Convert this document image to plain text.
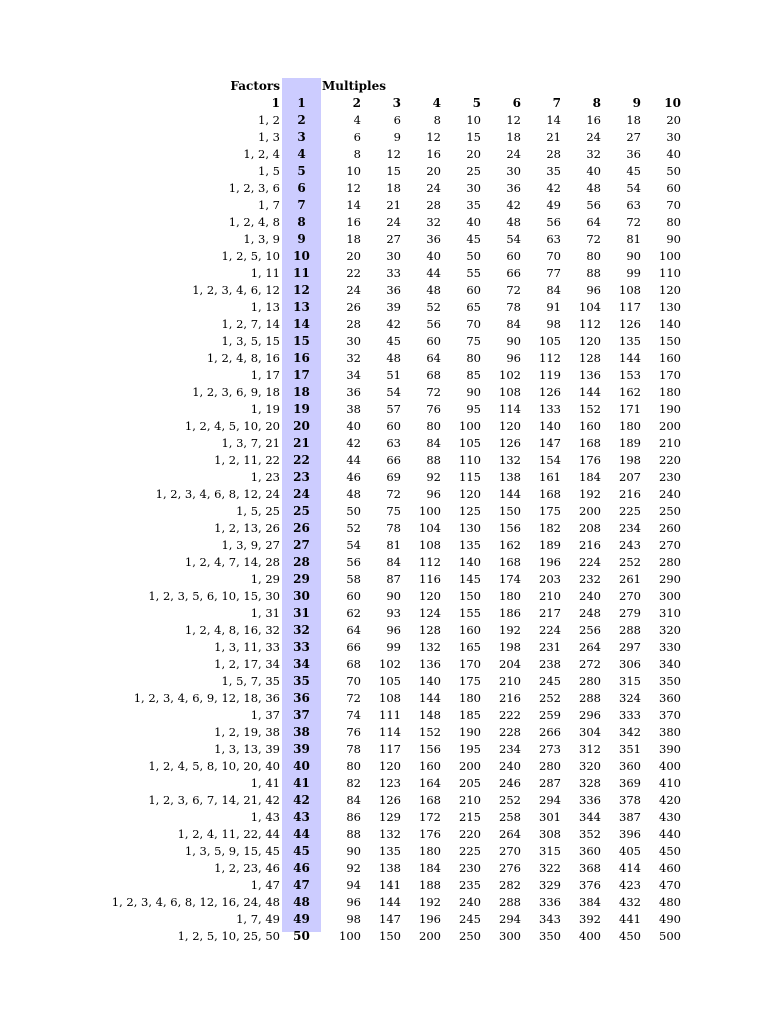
Factors		Multiples								
1	1	2	3	4	5	6	7	8	9	10
1, 2	2	4	6	8	10	12	14	16	18	20
1, 3	3	6	9	12	15	18	21	24	27	30
1, 2, 4	4	8	12	16	20	24	28	32	36	40
1, 5	5	10	15	20	25	30	35	40	45	50
1, 2, 3, 6	6	12	18	24	30	36	42	48	54	60
1, 7	7	14	21	28	35	42	49	56	63	70
1, 2, 4, 8	8	16	24	32	40	48	56	64	72	80
1, 3, 9	9	18	27	36	45	54	63	72	81	90
1, 2, 5, 10	10	20	30	40	50	60	70	80	90	100
1, 11	11	22	33	44	55	66	77	88	99	110
1, 2, 3, 4, 6, 12	12	24	36	48	60	72	84	96	108	120
1, 13	13	26	39	52	65	78	91	104	117	130
1, 2, 7, 14	14	28	42	56	70	84	98	112	126	140
1, 3, 5, 15	15	30	45	60	75	90	105	120	135	150
1, 2, 4, 8, 16	16	32	48	64	80	96	112	128	144	160
1, 17	17	34	51	68	85	102	119	136	153	170
1, 2, 3, 6, 9, 18	18	36	54	72	90	108	126	144	162	180
1, 19	19	38	57	76	95	114	133	152	171	190
1, 2, 4, 5, 10, 20	20	40	60	80	100	120	140	160	180	200
1, 3, 7, 21	21	42	63	84	105	126	147	168	189	210
1, 2, 11, 22	22	44	66	88	110	132	154	176	198	220
1, 23	23	46	69	92	115	138	161	184	207	230
1, 2, 3, 4, 6, 8, 12, 24	24	48	72	96	120	144	168	192	216	240
1, 5, 25	25	50	75	100	125	150	175	200	225	250
1, 2, 13, 26	26	52	78	104	130	156	182	208	234	260
1, 3, 9, 27	27	54	81	108	135	162	189	216	243	270
1, 2, 4, 7, 14, 28	28	56	84	112	140	168	196	224	252	280
1, 29	29	58	87	116	145	174	203	232	261	290
1, 2, 3, 5, 6, 10, 15, 30	30	60	90	120	150	180	210	240	270	300
1, 31	31	62	93	124	155	186	217	248	279	310
1, 2, 4, 8, 16, 32	32	64	96	128	160	192	224	256	288	320
1, 3, 11, 33	33	66	99	132	165	198	231	264	297	330
1, 2, 17, 34	34	68	102	136	170	204	238	272	306	340
1, 5, 7, 35	35	70	105	140	175	210	245	280	315	350
1, 2, 3, 4, 6, 9, 12, 18, 36	36	72	108	144	180	216	252	288	324	360
1, 37	37	74	111	148	185	222	259	296	333	370
1, 2, 19, 38	38	76	114	152	190	228	266	304	342	380
1, 3, 13, 39	39	78	117	156	195	234	273	312	351	390
1, 2, 4, 5, 8, 10, 20, 40	40	80	120	160	200	240	280	320	360	400
1, 41	41	82	123	164	205	246	287	328	369	410
1, 2, 3, 6, 7, 14, 21, 42	42	84	126	168	210	252	294	336	378	420
1, 43	43	86	129	172	215	258	301	344	387	430
1, 2, 4, 11, 22, 44	44	88	132	176	220	264	308	352	396	440
1, 3, 5, 9, 15, 45	45	90	135	180	225	270	315	360	405	450
1, 2, 23, 46	46	92	138	184	230	276	322	368	414	460
1, 47	47	94	141	188	235	282	329	376	423	470
1, 2, 3, 4, 6, 8, 12, 16, 24, 48	48	96	144	192	240	288	336	384	432	480
1, 7, 49	49	98	147	196	245	294	343	392	441	490
1, 2, 5, 10, 25, 50	50	100	150	200	250	300	350	400	450	500
